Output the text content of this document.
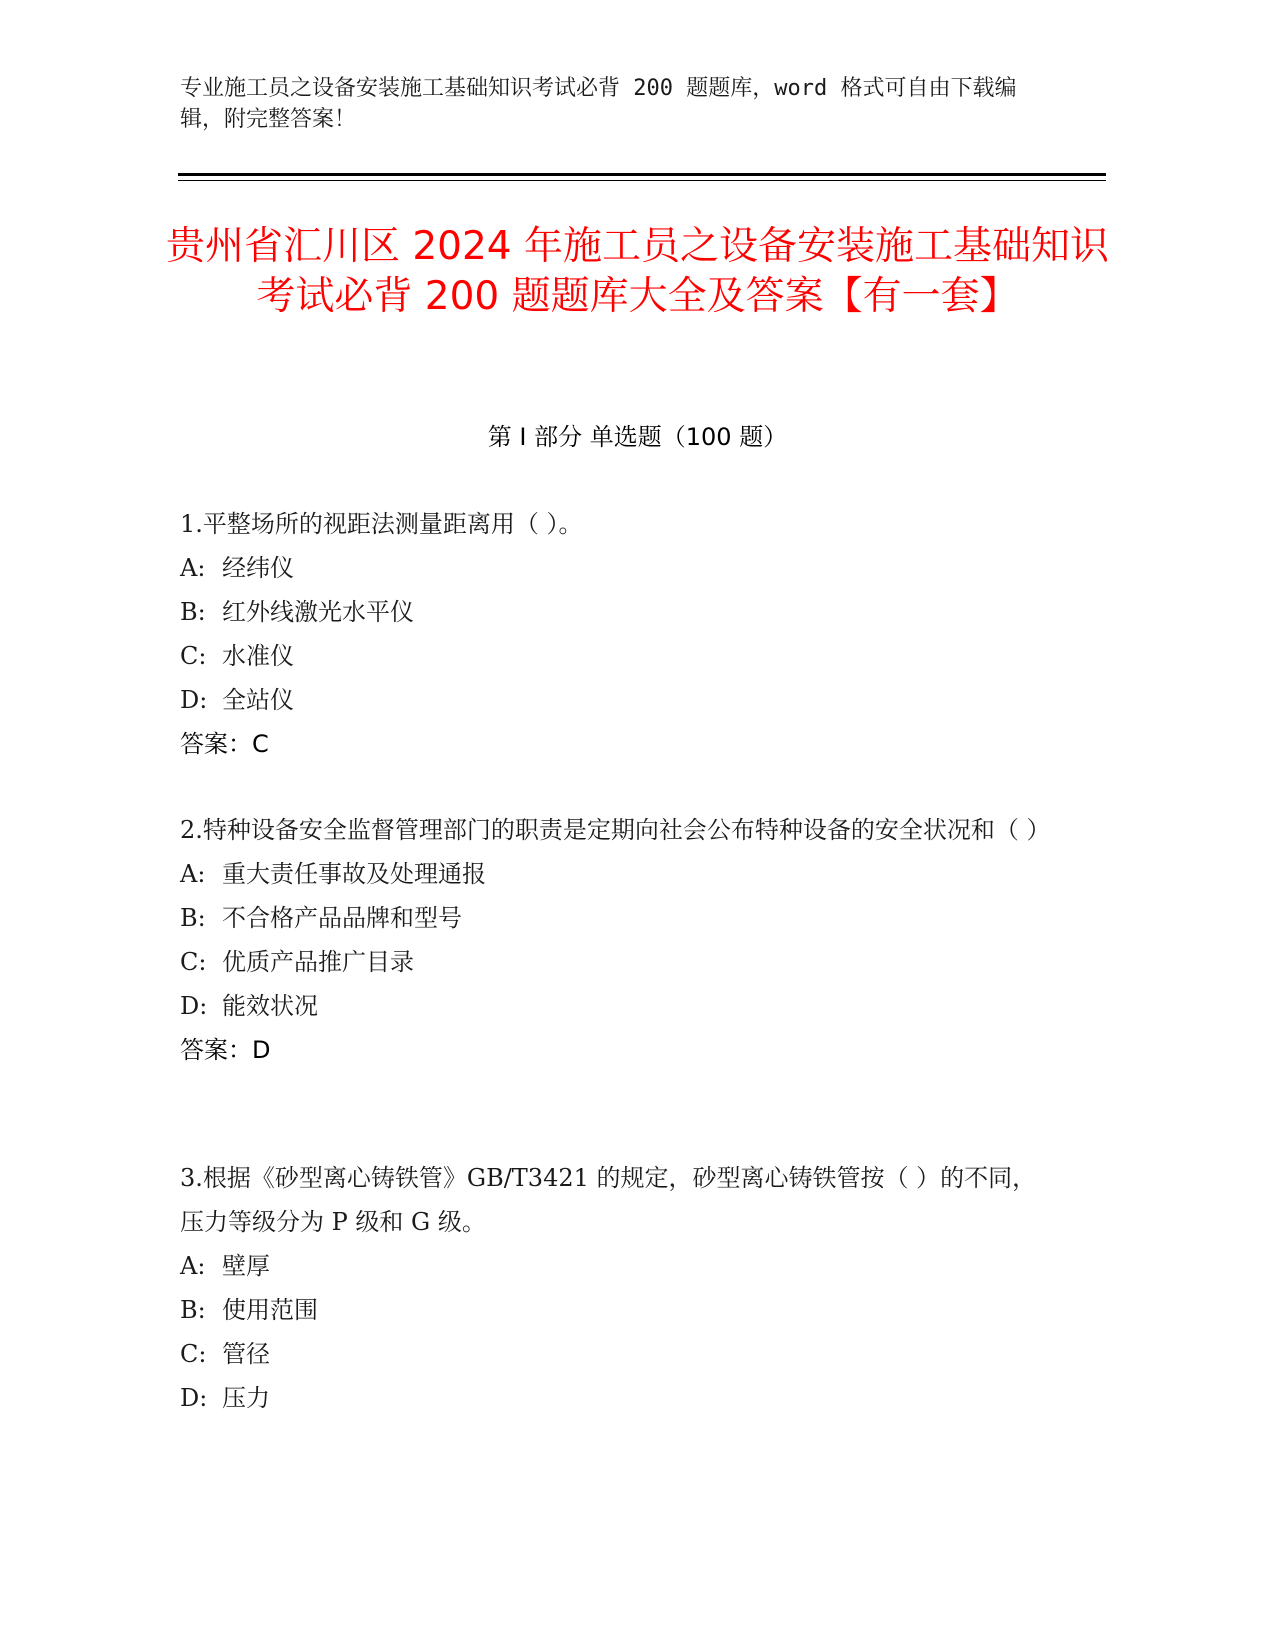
专业施工员之设备安装施工基础知识考试必背 200 题题库，word 格式可自由下载编辑，附完整答案！
贵州省汇川区 2024 年施工员之设备安装施工基础知识考试必背 200 题题库大全及答案【有一套】
第 I 部分 单选题（100 题）

1.平整场所的视距法测量距离用（ ）。

A: 经纬仪

B: 红外线激光水平仪

C: 水准仪

D: 全站仪

答案：C

2.特种设备安全监督管理部门的职责是定期向社会公布特种设备的安全状况和（ ）

A: 重大责任事故及处理通报

B: 不合格产品品牌和型号

C: 优质产品推广目录

D: 能效状况

答案：D

3.根据《砂型离心铸铁管》GB/T3421 的规定，砂型离心铸铁管按（ ）的不同，压力等级分为 P 级和 G 级。

A: 壁厚

B: 使用范围

C: 管径

D: 压力
